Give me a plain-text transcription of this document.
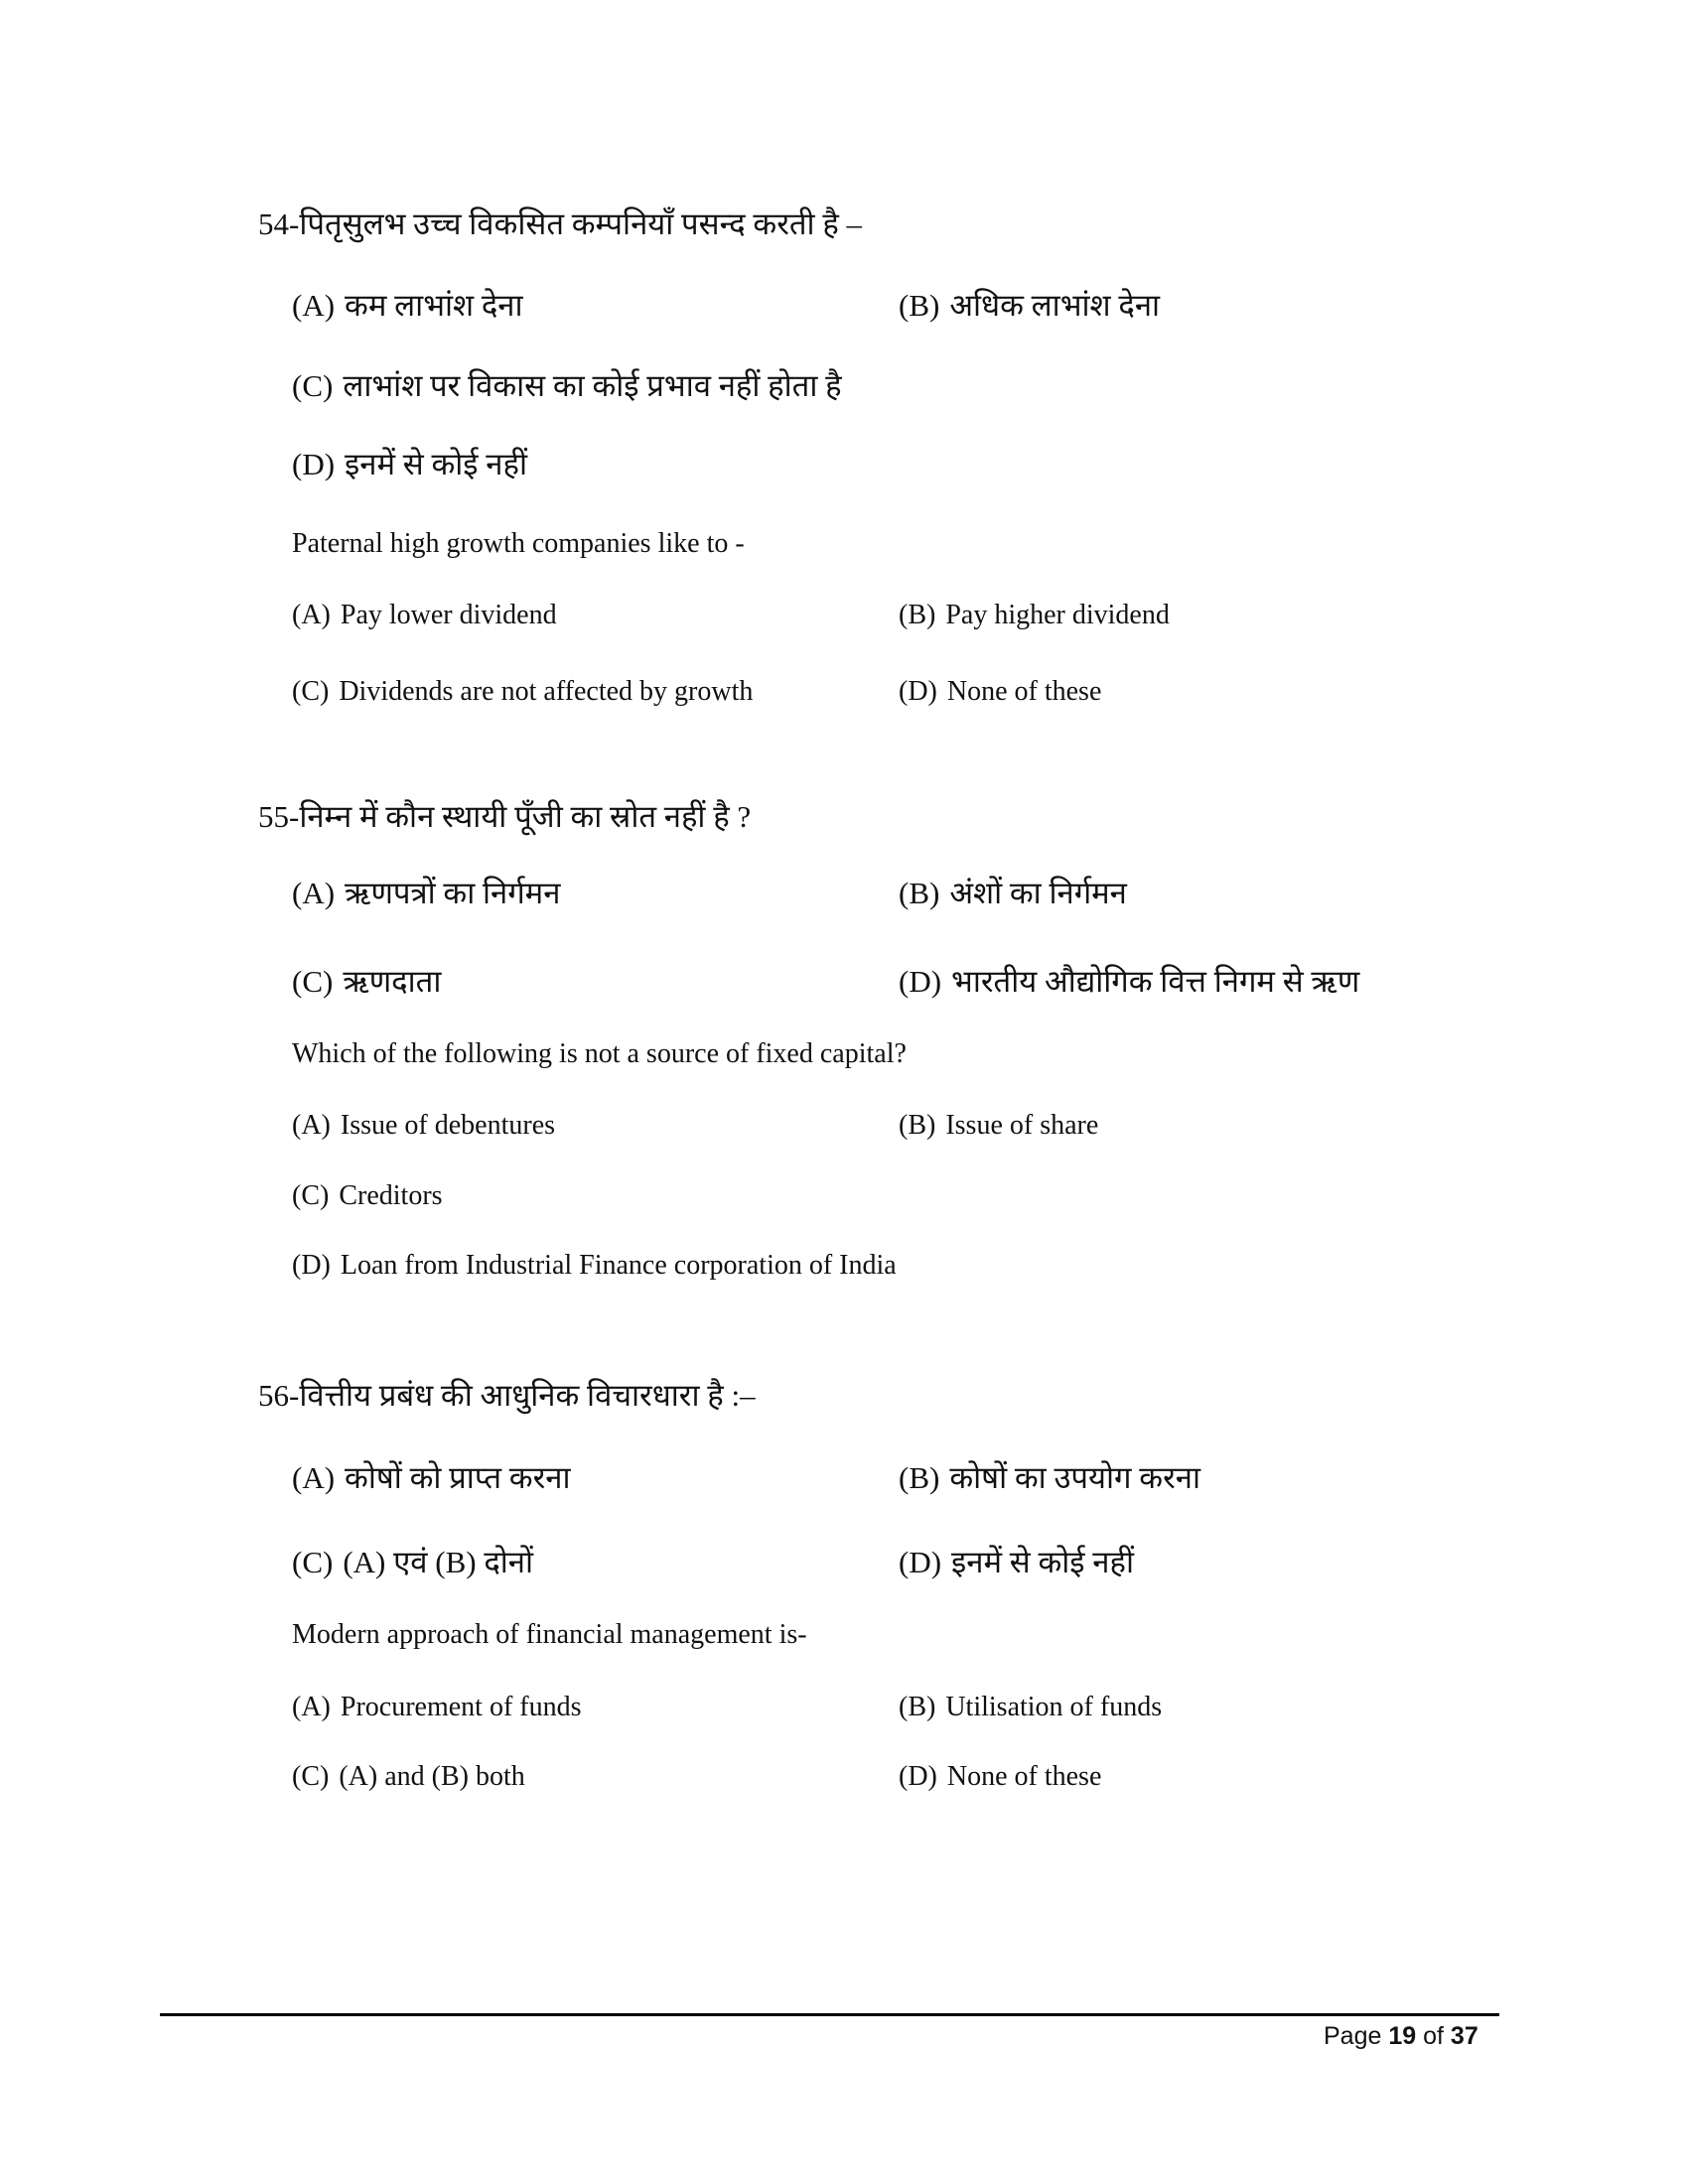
54-पितृसुलभ उच्च विकसित कम्पनियाँ पसन्द करती है –
(A) कम लाभांश देना	(B) अधिक लाभांश देना
(C) लाभांश पर विकास का कोई प्रभाव नहीं होता है
(D) इनमें से कोई नहीं
Paternal high growth companies like to -
(A) Pay lower dividend	(B) Pay higher dividend
(C) Dividends are not affected by growth	(D) None of these
55-निम्न में कौन स्थायी पूँजी का स्रोत नहीं है ?
(A) ऋणपत्रों का निर्गमन	(B) अंशों का निर्गमन
(C) ऋणदाता	(D) भारतीय औद्योगिक वित्त निगम से ऋण
Which of the following is not a source of fixed capital?
(A) Issue of debentures	(B) Issue of share
(C) Creditors
(D) Loan from Industrial Finance corporation of India
56-वित्तीय प्रबंध की आधुनिक विचारधारा है :–
(A) कोषों को प्राप्त करना	(B) कोषों का उपयोग करना
(C) (A) एवं (B) दोनों	(D) इनमें से कोई नहीं
Modern approach of financial management is-
(A) Procurement of funds	(B) Utilisation of funds
(C) (A) and (B) both	(D) None of these
Page 19 of 37
